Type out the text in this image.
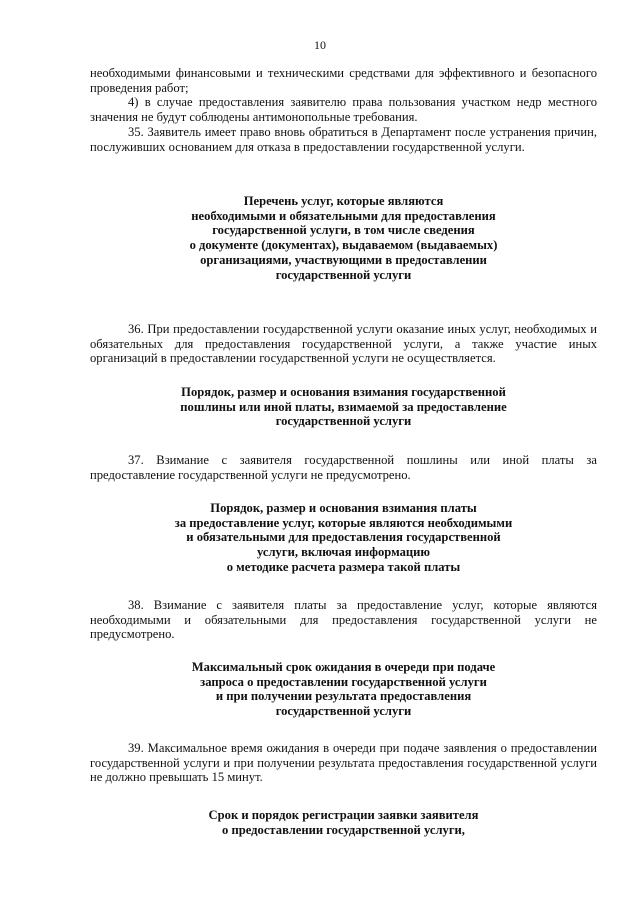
10

необходимыми финансовыми и техническими средствами для эффективного и безопасного проведения работ;

4) в случае предоставления заявителю права пользования участком недр местного значения не будут соблюдены антимонопольные требования.

35. Заявитель имеет право вновь обратиться в Департамент после устранения причин, послуживших основанием для отказа в предоставлении государственной услуги.

Перечень услуг, которые являются

необходимыми и обязательными для предоставления

государственной услуги, в том числе сведения

о документе (документах), выдаваемом (выдаваемых)

организациями, участвующими в предоставлении

государственной услуги

36. При предоставлении государственной услуги оказание иных услуг, необходимых и обязательных для предоставления государственной услуги, а также участие иных организаций в предоставлении государственной услуги не осуществляется.

Порядок, размер и основания взимания государственной

пошлины или иной платы, взимаемой за предоставление

государственной услуги

37. Взимание с заявителя государственной пошлины или иной платы за предоставление государственной услуги не предусмотрено.

Порядок, размер и основания взимания платы

за предоставление услуг, которые являются необходимыми

и обязательными для предоставления государственной

услуги, включая информацию

о методике расчета размера такой платы

38. Взимание с заявителя платы за предоставление услуг, которые являются необходимыми и обязательными для предоставления государственной услуги не предусмотрено.

Максимальный срок ожидания в очереди при подаче

запроса о предоставлении государственной услуги

и при получении результата предоставления

государственной услуги

39. Максимальное время ожидания в очереди при подаче заявления о предоставлении государственной услуги и при получении результата предоставления государственной услуги не должно превышать 15 минут.

Срок и порядок регистрации заявки заявителя

о предоставлении государственной услуги,
